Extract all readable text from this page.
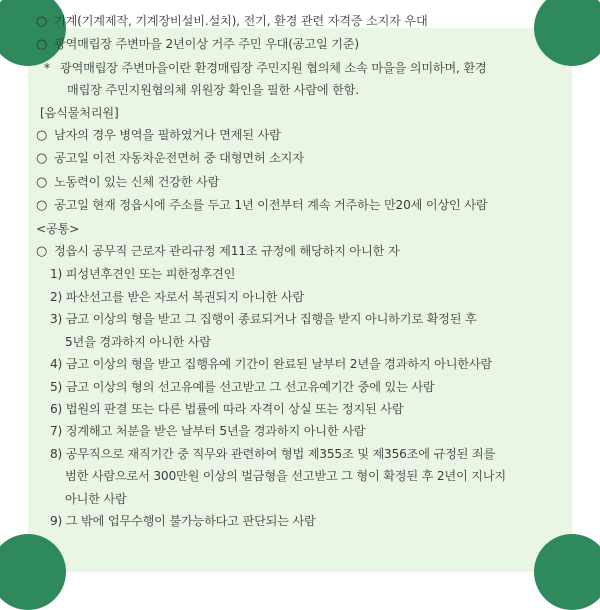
○ 기계(기계제작, 기계장비설비.설치), 전기, 환경 관련 자격증 소지자 우대
○ 광역매립장 주변마을 2년이상 거주 주민 우대(공고일 기준)
* 광역매립장 주변마을이란 환경매립장 주민지원 협의체 소속 마을을 의미하며, 환경
매립장 주민지원협의체 위원장 확인을 필한 사람에 한함.
[음식물처리원]
○ 남자의 경우 병역을 필하였거나 면제된 사람
○ 공고일 이전 자동차운전면허 중 대형면허 소지자
○ 노동력이 있는 신체 건강한 사람
○ 공고일 현재 정읍시에 주소를 두고 1년 이전부터 계속 거주하는 만20세 이상인 사람
<공통>
○ 정읍시 공무직 근로자 관리규정 제11조 규정에 해당하지 아니한 자
1) 피성년후견인 또는 피한정후견인
2) 파산선고를 받은 자로서 복권되지 아니한 사람
3) 금고 이상의 형을 받고 그 집행이 종료되거나 집행을 받지 아니하기로 확정된 후
5년을 경과하지 아니한 사람
4) 금고 이상의 형을 받고 집행유예 기간이 완료된 날부터 2년을 경과하지 아니한사람
5) 금고 이상의 형의 선고유예를 선고받고 그 선고유예기간 중에 있는 사람
6) 법원의 판결 또는 다른 법률에 따라 자격이 상실 또는 정지된 사람
7) 징계해고 처분을 받은 날부터 5년을 경과하지 아니한 사람
8) 공무직으로 재직기간 중 직무와 관련하여 형법 제355조 및 제356조에 규정된 죄를
범한 사람으로서 300만원 이상의 벌금형을 선고받고 그 형이 확정된 후 2년이 지나지
아니한 사람
9) 그 밖에 업무수행이 불가능하다고 판단되는 사람
